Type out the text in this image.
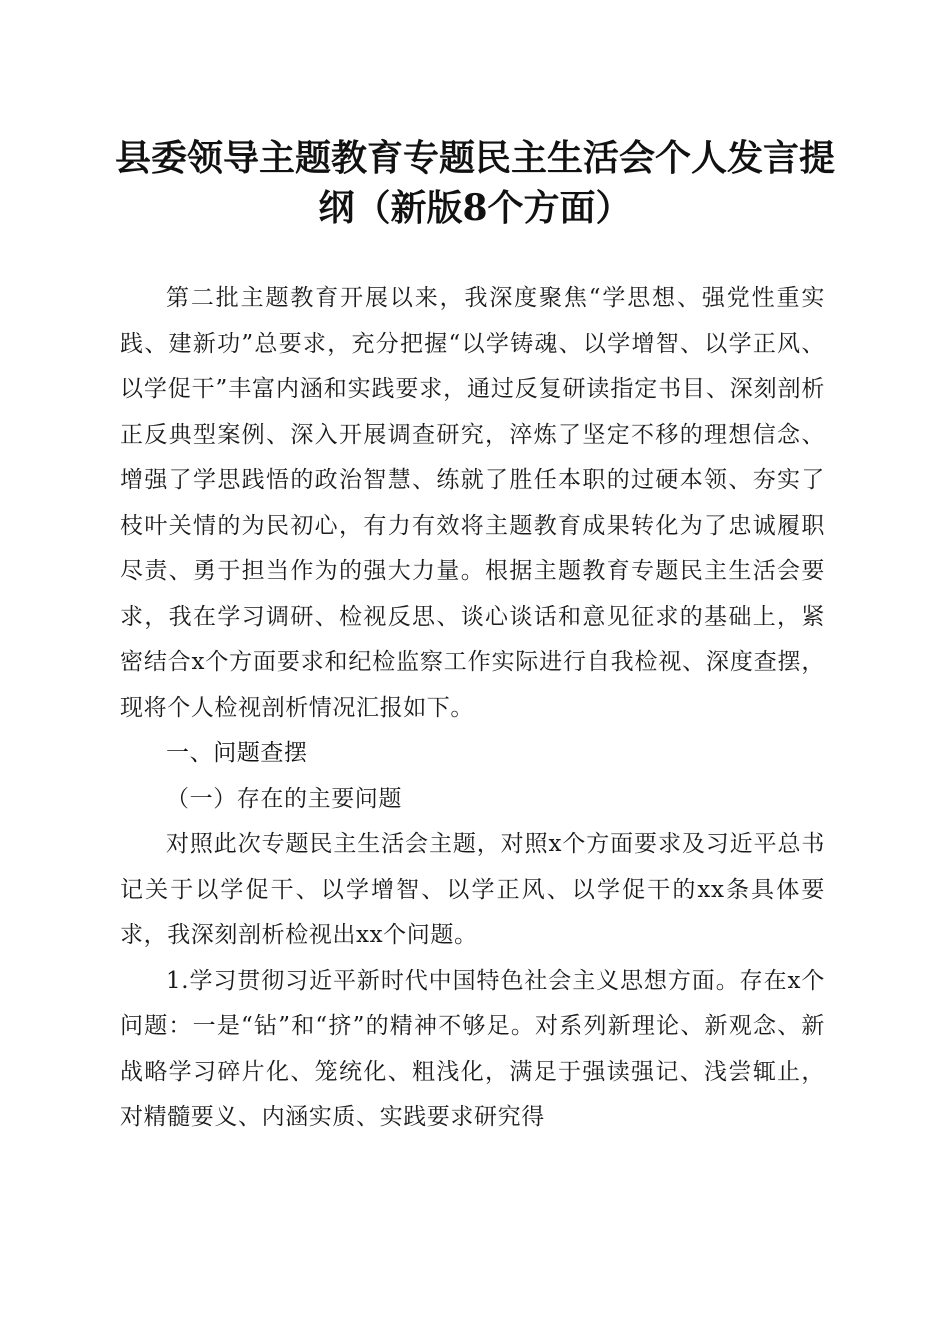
县委领导主题教育专题民主生活会个人发言提
纲（新版8个方面）

第二批主题教育开展以来，我深度聚焦“学思想、强党性重实践、建新功”总要求，充分把握“以学铸魂、以学增智、以学正风、以学促干”丰富内涵和实践要求，通过反复研读指定书目、深刻剖析正反典型案例、深入开展调查研究，淬炼了坚定不移的理想信念、增强了学思践悟的政治智慧、练就了胜任本职的过硬本领、夯实了枝叶关情的为民初心，有力有效将主题教育成果转化为了忠诚履职尽责、勇于担当作为的强大力量。根据主题教育专题民主生活会要求，我在学习调研、检视反思、谈心谈话和意见征求的基础上，紧密结合x个方面要求和纪检监察工作实际进行自我检视、深度查摆，现将个人检视剖析情况汇报如下。

一、问题查摆

（一）存在的主要问题

对照此次专题民主生活会主题，对照x个方面要求及习近平总书记关于以学促干、以学增智、以学正风、以学促干的xx条具体要求，我深刻剖析检视出xx个问题。

1.学习贯彻习近平新时代中国特色社会主义思想方面。存在x个问题：一是“钻”和“挤”的精神不够足。对系列新理论、新观念、新战略学习碎片化、笼统化、粗浅化，满足于强读强记、浅尝辄止，对精髓要义、内涵实质、实践要求研究得
